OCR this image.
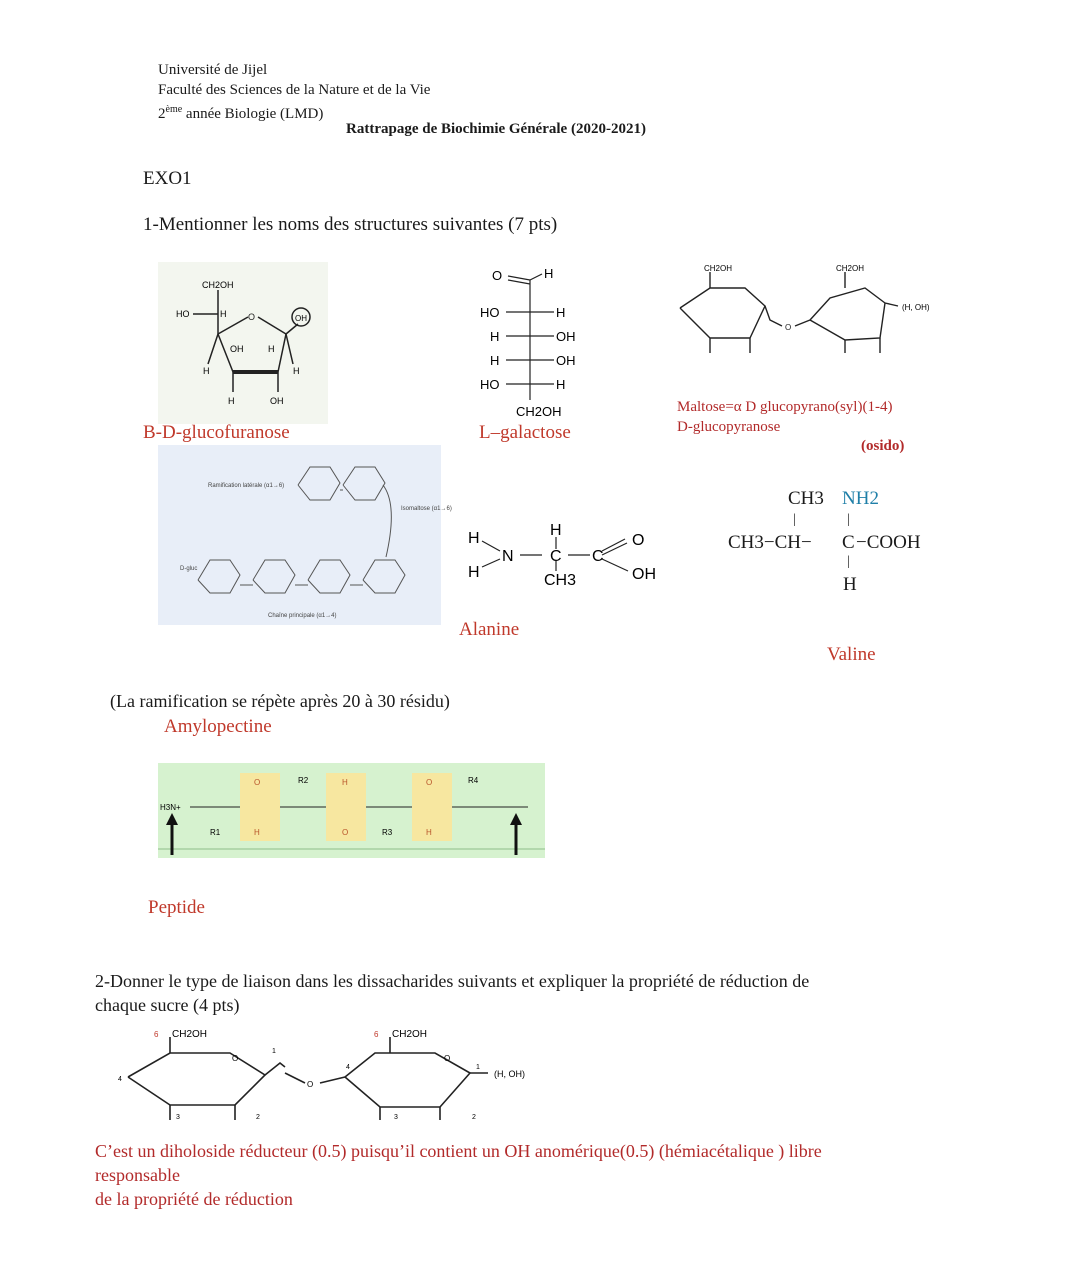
Université de Jijel
Faculté des Sciences de la Nature et de la Vie
2ème année Biologie (LMD)
Rattrapage de Biochimie Générale (2020-2021)
EXO1
1-Mentionner les noms des structures suivantes (7 pts)
CH2OH
HO	H	OH
OH	H
H	H
H	OH
O
B-D-glucofuranose
O	H
HO	H
H	OH
H	OH
HO	H
CH2OH
L–galactose
CH2OH	CH2OH
(H, OH)
O
Maltose=α D glucopyrano(syl)(1-4)
D-glucopyranose
(osido)
Ramification latérale (α1→6)
Isomaltose (α1→6)
Chaîne principale (α1→4)
D-gluc
(La ramification se répète après 20 à 30 résidu)
Amylopectine
H
H
N
H
C C
O
OH
CH3
Alanine
CH3 NH2
|	|
CH3−CH− C −COOH
|
H
Valine
O
H
H
O
O
H
H3N+
R1
R2
R3
R4
Peptide
2-Donner le type de liaison dans les dissacharides suivants et expliquer la propriété de réduction de
chaque sucre (4 pts)
CH2OH	CH2OH
(H, OH)
6	6
4
4
1
1
3	2	3	2
O
O
O
C’est un diholoside réducteur (0.5) puisqu’il contient un OH anomérique(0.5) (hémiacétalique ) libre
responsable
de la propriété de réduction
